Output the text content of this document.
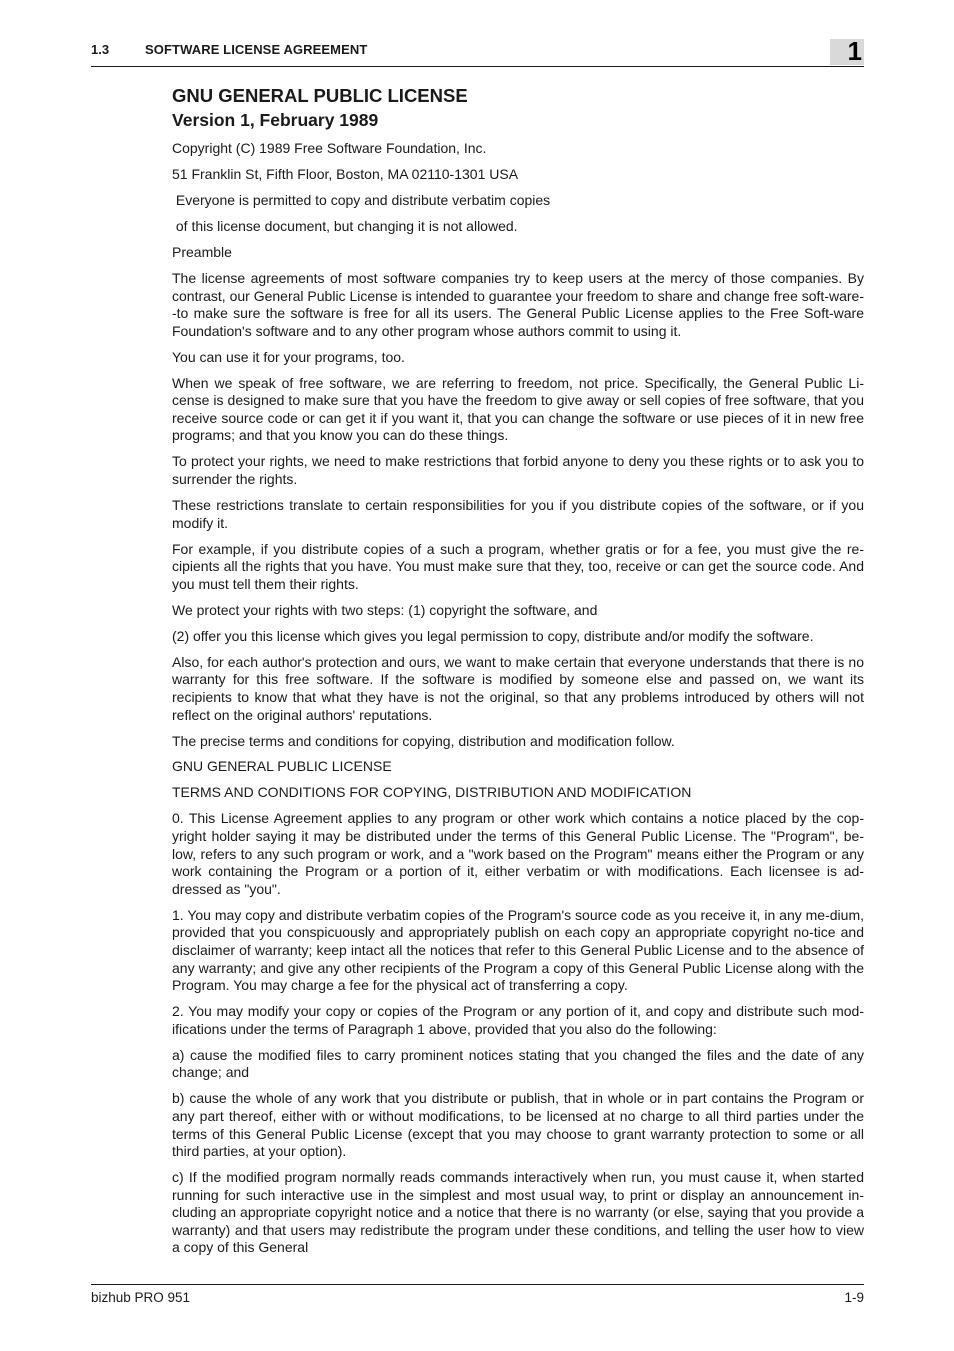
1.3	SOFTWARE LICENSE AGREEMENT	1
GNU GENERAL PUBLIC LICENSE
Version 1, February 1989

Copyright (C) 1989 Free Software Foundation, Inc.

51 Franklin St, Fifth Floor, Boston, MA 02110-1301 USA

Everyone is permitted to copy and distribute verbatim copies

of this license document, but changing it is not allowed.

Preamble

The license agreements of most software companies try to keep users at the mercy of those companies. By contrast, our General Public License is intended to guarantee your freedom to share and change free soft-ware--to make sure the software is free for all its users. The General Public License applies to the Free Soft-ware Foundation's software and to any other program whose authors commit to using it.

You can use it for your programs, too.

When we speak of free software, we are referring to freedom, not price. Specifically, the General Public Li-cense is designed to make sure that you have the freedom to give away or sell copies of free software, that you receive source code or can get it if you want it, that you can change the software or use pieces of it in new free programs; and that you know you can do these things.

To protect your rights, we need to make restrictions that forbid anyone to deny you these rights or to ask you to surrender the rights.

These restrictions translate to certain responsibilities for you if you distribute copies of the software, or if you modify it.

For example, if you distribute copies of a such a program, whether gratis or for a fee, you must give the re-cipients all the rights that you have. You must make sure that they, too, receive or can get the source code. And you must tell them their rights.

We protect your rights with two steps: (1) copyright the software, and

(2) offer you this license which gives you legal permission to copy, distribute and/or modify the software.

Also, for each author's protection and ours, we want to make certain that everyone understands that there is no warranty for this free software. If the software is modified by someone else and passed on, we want its recipients to know that what they have is not the original, so that any problems introduced by others will not reflect on the original authors' reputations.

The precise terms and conditions for copying, distribution and modification follow.

GNU GENERAL PUBLIC LICENSE

TERMS AND CONDITIONS FOR COPYING, DISTRIBUTION AND MODIFICATION

0. This License Agreement applies to any program or other work which contains a notice placed by the cop-yright holder saying it may be distributed under the terms of this General Public License. The "Program", be-low, refers to any such program or work, and a "work based on the Program" means either the Program or any work containing the Program or a portion of it, either verbatim or with modifications. Each licensee is ad-dressed as "you".

1. You may copy and distribute verbatim copies of the Program's source code as you receive it, in any me-dium, provided that you conspicuously and appropriately publish on each copy an appropriate copyright no-tice and disclaimer of warranty; keep intact all the notices that refer to this General Public License and to the absence of any warranty; and give any other recipients of the Program a copy of this General Public License along with the Program. You may charge a fee for the physical act of transferring a copy.

2. You may modify your copy or copies of the Program or any portion of it, and copy and distribute such mod-ifications under the terms of Paragraph 1 above, provided that you also do the following:

a) cause the modified files to carry prominent notices stating that you changed the files and the date of any change; and

b) cause the whole of any work that you distribute or publish, that in whole or in part contains the Program or any part thereof, either with or without modifications, to be licensed at no charge to all third parties under the terms of this General Public License (except that you may choose to grant warranty protection to some or all third parties, at your option).

c) If the modified program normally reads commands interactively when run, you must cause it, when started running for such interactive use in the simplest and most usual way, to print or display an announcement in-cluding an appropriate copyright notice and a notice that there is no warranty (or else, saying that you provide a warranty) and that users may redistribute the program under these conditions, and telling the user how to view a copy of this General

bizhub PRO 951	1-9
